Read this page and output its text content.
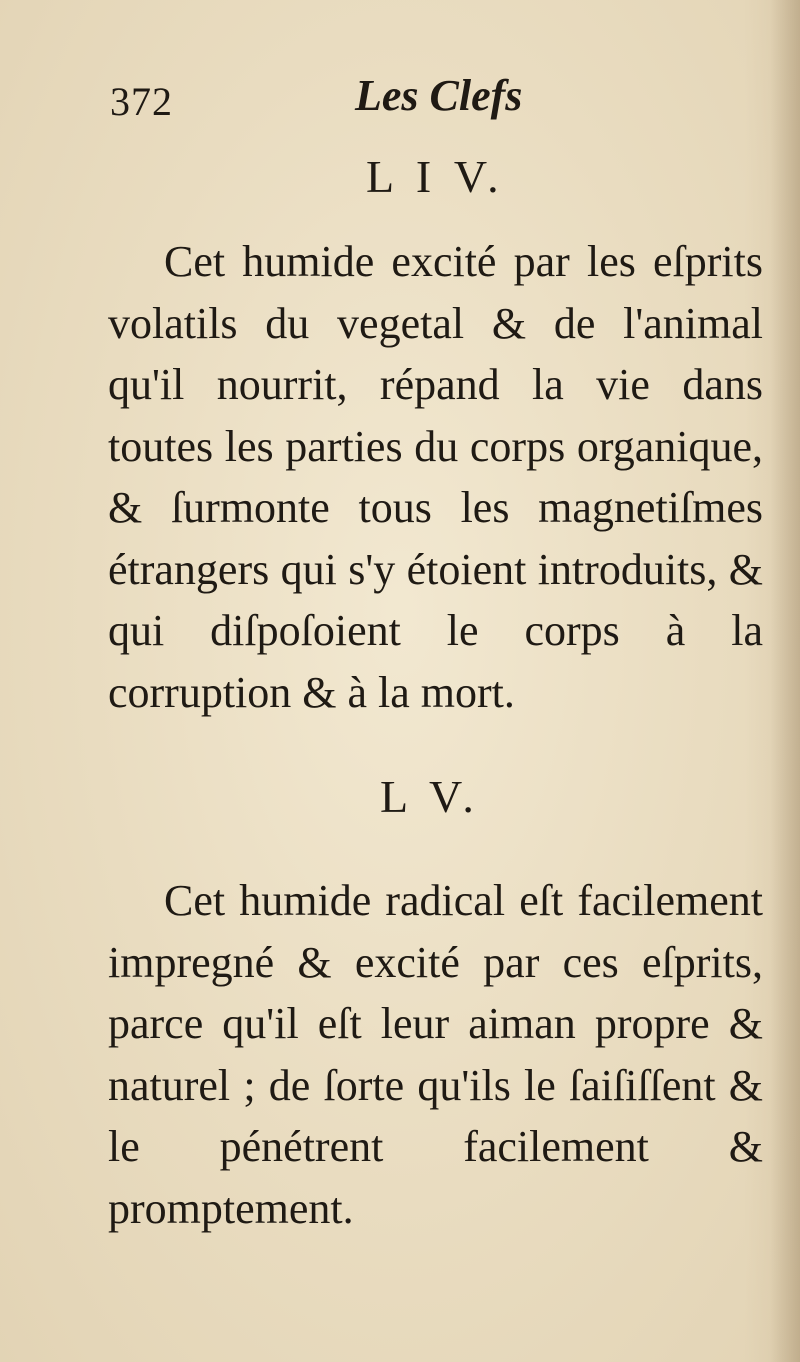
372	Les Clefs
L I V.

Cet humide excité par les eſprits volatils du vegetal & de l'animal qu'il nourrit, répand la vie dans toutes les parties du corps organique, & ſurmonte tous les magnetiſmes étrangers qui s'y étoient introduits, & qui diſpoſoient le corps à la corruption & à la mort.

L V.

Cet humide radical eſt facilement impregné & excité par ces eſprits, parce qu'il eſt leur aiman propre & naturel ; de ſorte qu'ils le ſaiſiſſent & le pénétrent facilement & promptement.
